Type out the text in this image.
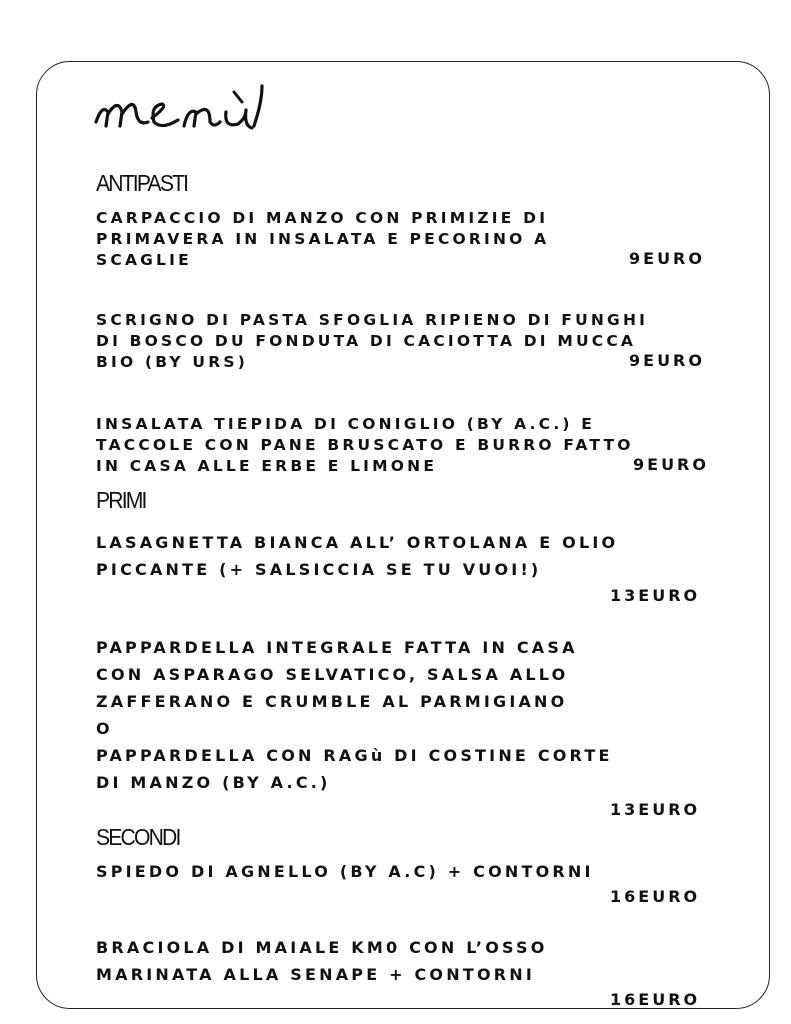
ANTIPASTI
CARPACCIO DI MANZO CON PRIMIZIE DI
PRIMAVERA IN INSALATA E PECORINO A
SCAGLIE	9EURO
SCRIGNO DI PASTA SFOGLIA RIPIENO DI FUNGHI
DI BOSCO DU FONDUTA DI CACIOTTA DI MUCCA
BIO (BY URS)	9EURO
INSALATA TIEPIDA DI CONIGLIO (BY A.C.) E
TACCOLE CON PANE BRUSCATO E BURRO FATTO
IN CASA ALLE ERBE E LIMONE	9EURO
PRIMI
LASAGNETTA BIANCA ALL’ ORTOLANA E OLIO
PICCANTE (+ SALSICCIA SE TU VUOI!)
13EURO
PAPPARDELLA INTEGRALE FATTA IN CASA
CON ASPARAGO SELVATICO, SALSA ALLO
ZAFFERANO E CRUMBLE AL PARMIGIANO
O
PAPPARDELLA CON RAGù DI COSTINE CORTE
DI MANZO (BY A.C.)
13EURO
SECONDI
SPIEDO DI AGNELLO (BY A.C) + CONTORNI
16EURO
BRACIOLA DI MAIALE KM0 CON L’OSSO
MARINATA ALLA SENAPE + CONTORNI
16EURO
